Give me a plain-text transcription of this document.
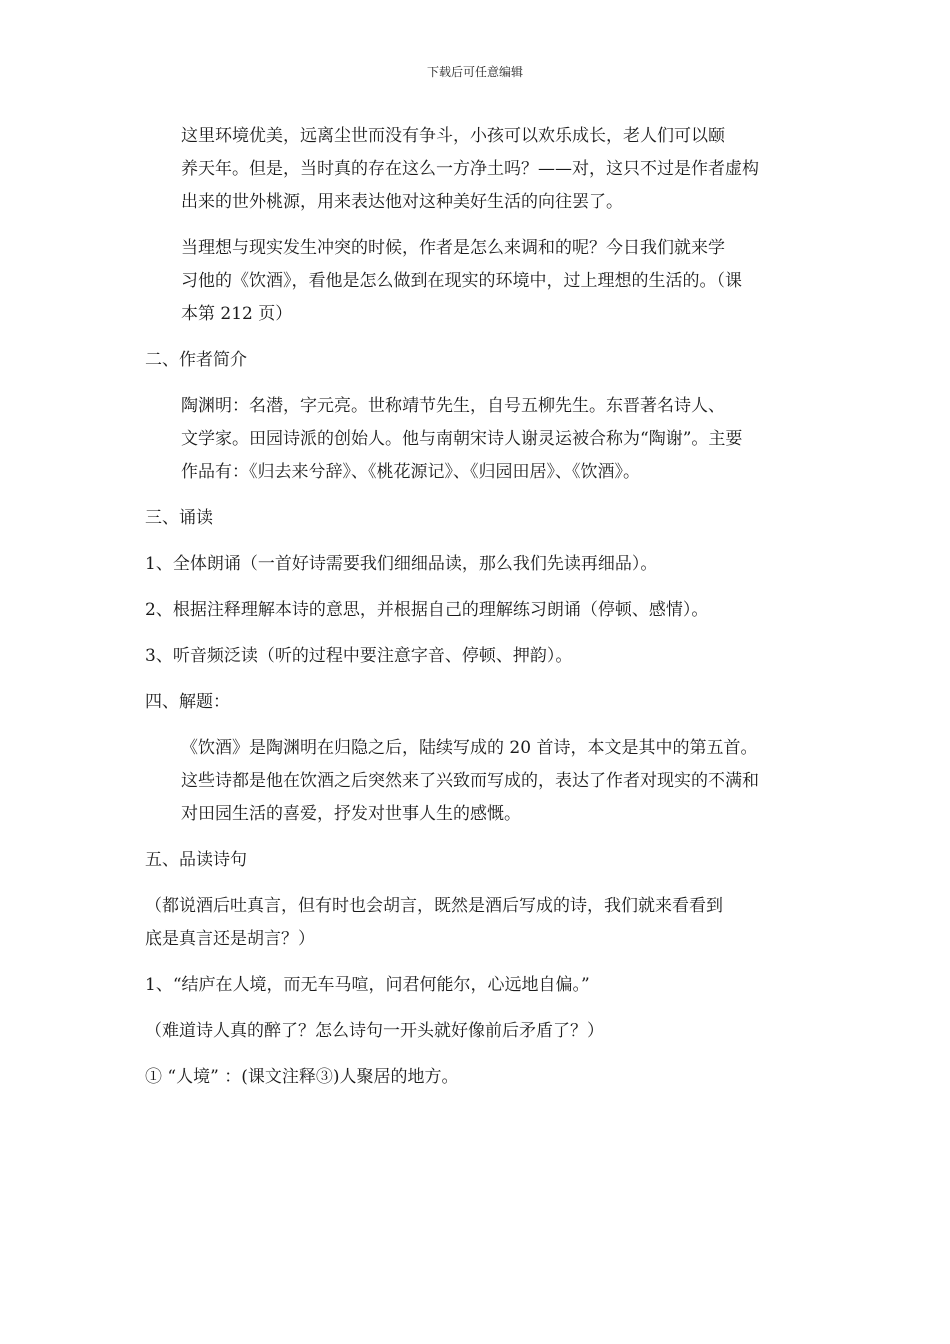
下载后可任意编辑
这里环境优美，远离尘世而没有争斗，小孩可以欢乐成长，老人们可以颐
养天年。但是，当时真的存在这么一方净土吗？——对，这只不过是作者虚构
出来的世外桃源，用来表达他对这种美好生活的向往罢了。
当理想与现实发生冲突的时候，作者是怎么来调和的呢？今日我们就来学
习他的《饮酒》，看他是怎么做到在现实的环境中，过上理想的生活的。（课
本第 212 页）
二、作者简介
陶渊明：名潜，字元亮。世称靖节先生，自号五柳先生。东晋著名诗人、
文学家。田园诗派的创始人。他与南朝宋诗人谢灵运被合称为“陶谢”。主要
作品有：《归去来兮辞》、《桃花源记》、《归园田居》、《饮酒》。
三、诵读
1、全体朗诵（一首好诗需要我们细细品读，那么我们先读再细品）。
2、根据注释理解本诗的意思，并根据自己的理解练习朗诵（停顿、感情）。
3、听音频泛读（听的过程中要注意字音、停顿、押韵）。
四、解题：
《饮酒》是陶渊明在归隐之后，陆续写成的 20 首诗，本文是其中的第五首。
这些诗都是他在饮酒之后突然来了兴致而写成的，表达了作者对现实的不满和
对田园生活的喜爱，抒发对世事人生的感慨。
五、品读诗句
（都说酒后吐真言，但有时也会胡言，既然是酒后写成的诗，我们就来看看到
底是真言还是胡言？）
1、“结庐在人境，而无车马喧，问君何能尔，心远地自偏。”
（难道诗人真的醉了？怎么诗句一开头就好像前后矛盾了？）
① “人境” ：(课文注释③)人聚居的地方。
